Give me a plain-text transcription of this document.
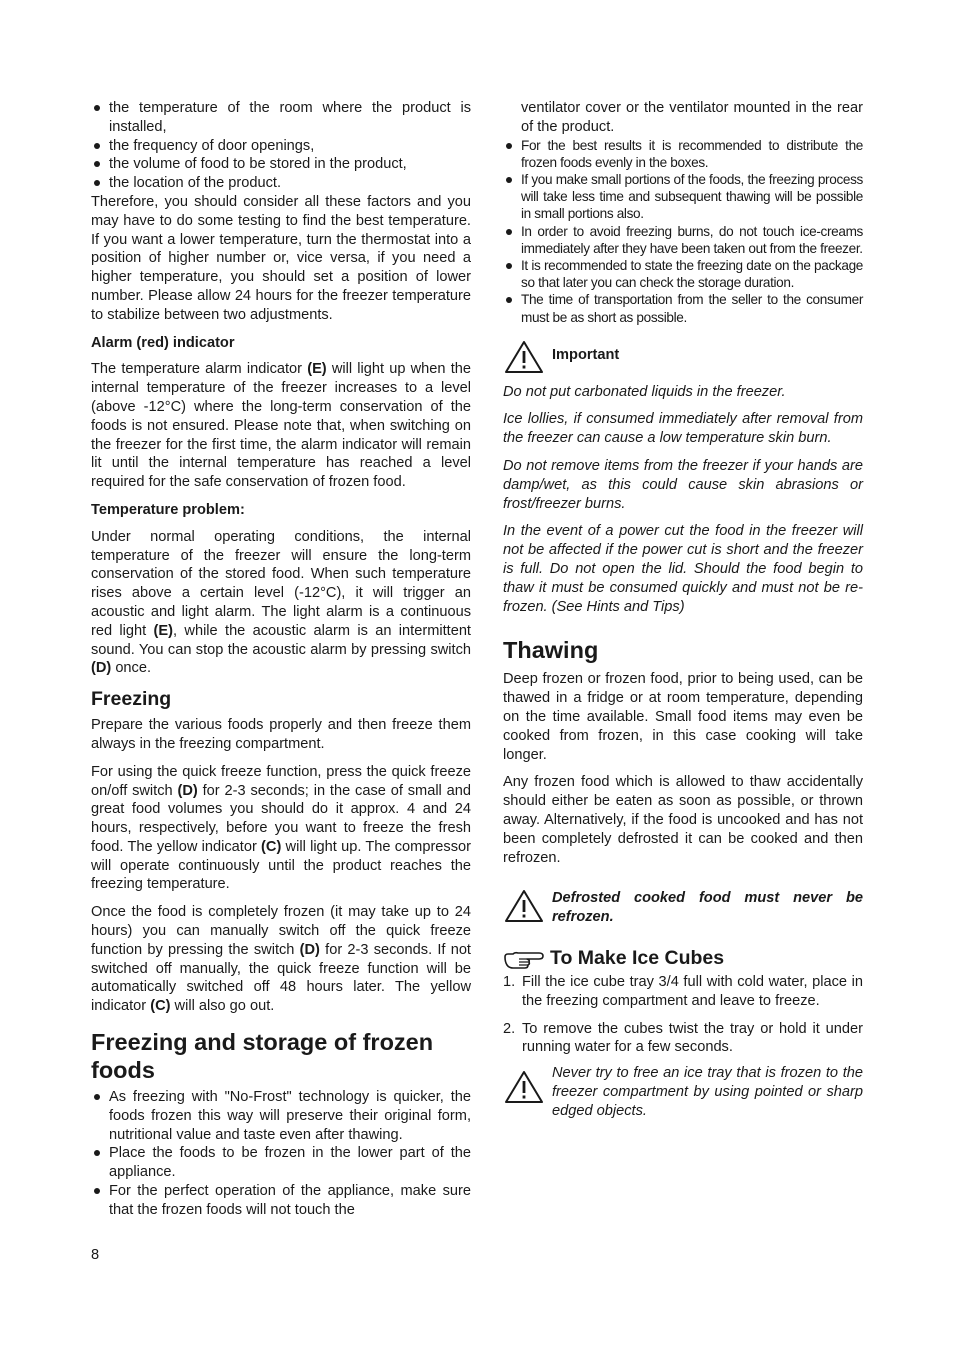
the temperature of the room where the product is installed,
the frequency of door openings,
the volume of food to be stored in the product,
the location of the product.

Therefore, you should consider all these factors and you may have to do some testing to find the best temperature. If you want a lower temperature, turn the thermostat into a position of higher number or, vice versa, if you need a higher temperature, you should set a position of lower number. Please allow 24 hours for the freezer temperature to stabilize between two adjustments.

Alarm (red) indicator

The temperature alarm indicator (E) will light up when the internal temperature of the freezer increases to a level (above -12°C) where the long-term conservation of the foods is not ensured. Please note that, when switching on the freezer for the first time, the alarm indicator will remain lit until the internal temperature has reached a level required for the safe conservation of frozen food.

Temperature problem:

Under normal operating conditions, the internal temperature of the freezer will ensure the long-term conservation of the stored food. When such temperature rises above a certain level (-12°C), it will trigger an acoustic and light alarm. The light alarm is a continuous red light (E), while the acoustic alarm is an intermittent sound. You can stop the acoustic alarm by pressing switch (D) once.

Freezing

Prepare the various foods properly and then freeze them always in the freezing compartment.

For using the quick freeze function, press the quick freeze on/off switch (D) for 2-3 seconds; in the case of small and great food volumes you should do it approx. 4 and 24 hours, respectively, before you want to freeze the fresh food. The yellow indicator (C) will light up. The compressor will operate continuously until the product reaches the freezing temperature.

Once the food is completely frozen (it may take up to 24 hours) you can manually switch off the quick freeze function by pressing the switch (D) for 2-3 seconds. If not switched off manually, the quick freeze function will be automatically switched off 48 hours later. The yellow indicator (C) will also go out.

Freezing and storage of frozen foods
As freezing with "No-Frost" technology is quicker, the foods frozen this way will preserve their original form, nutritional value and taste even after thawing.
Place the foods to be frozen in the lower part of the appliance.
For the perfect operation of the appliance, make sure that the frozen foods will not touch the

ventilator cover or the ventilator mounted in the rear of the product.

For the best results it is recommended to distribute the frozen foods evenly in the boxes.
If you make small portions of the foods, the freezing process will take less time and subsequent thawing will be possible in small portions also.
In order to avoid freezing burns, do not touch ice-creams immediately after they have been taken out from the freezer.
It is recommended to state the freezing date on the package so that later you can check the storage duration.
The time of transportation from the seller to the consumer must be as short as possible.
Important

Do not put carbonated liquids in the freezer.

Ice lollies, if consumed immediately after removal from the freezer can cause a low temperature skin burn.

Do not remove items from the freezer if your hands are damp/wet, as this could cause skin abrasions or frost/freezer burns.

In the event of a power cut the food in the freezer will not be affected if the power cut is short and the freezer is full. Do not open the lid. Should the food begin to thaw it must be consumed quickly and must not be re-frozen. (See Hints and Tips)

Thawing

Deep frozen or frozen food, prior to being used, can be thawed in a fridge or at room temperature, depending on the time available. Small food items may even be cooked from frozen, in this case cooking will take longer.

Any frozen food which is allowed to thaw accidentally should either be eaten as soon as possible, or thrown away. Alternatively, if the food is uncooked and has not been completely defrosted it can be cooked and then refrozen.

Defrosted cooked food must never be refrozen.

To Make Ice Cubes
1. Fill the ice cube tray 3/4 full with cold water, place in the freezing compartment and leave to freeze.
2. To remove the cubes twist the tray or hold it under running water for a few seconds.

Never try to free an ice tray that is frozen to the freezer compartment by using pointed or sharp edged objects.

8
